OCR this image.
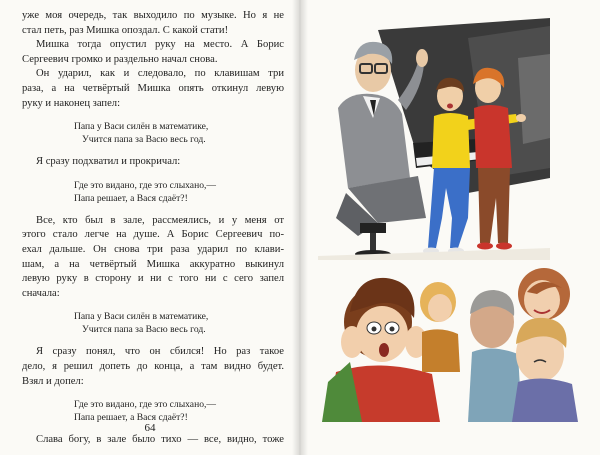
уже моя очередь, так выходило по музыке. Но я не

стал петь, раз Мишка опоздал. С какой стати!

Мишка тогда опустил руку на место. А Борис

Сергеевич громко и раздельно начал снова.

Он ударил, как и следовало, по клавишам три

раза, а на четвёртый Мишка опять откинул левую

руку и наконец запел:

Папа у Васи силён в математике,

Учится папа за Васю весь год.

Я сразу подхватил и прокричал:

Где это видано, где это слыхано,—

Папа решает, а Вася сдаёт?!

Все, кто был в зале, рассмеялись, и у меня от

этого стало легче на душе. А Борис Сергеевич по-

ехал дальше. Он снова три раза ударил по клави-

шам, а на четвёртый Мишка аккуратно выкинул

левую руку в сторону и ни с того ни с сего запел

сначала:

Папа у Васи силён в математике,

Учится папа за Васю весь год.

Я сразу понял, что он сбился! Но раз такое

дело, я решил допеть до конца, а там видно будет.

Взял и допел:

Где это видано, где это слыхано,—

Папа решает, а Вася сдаёт?!

Слава богу, в зале было тихо — все, видно, тоже

64
